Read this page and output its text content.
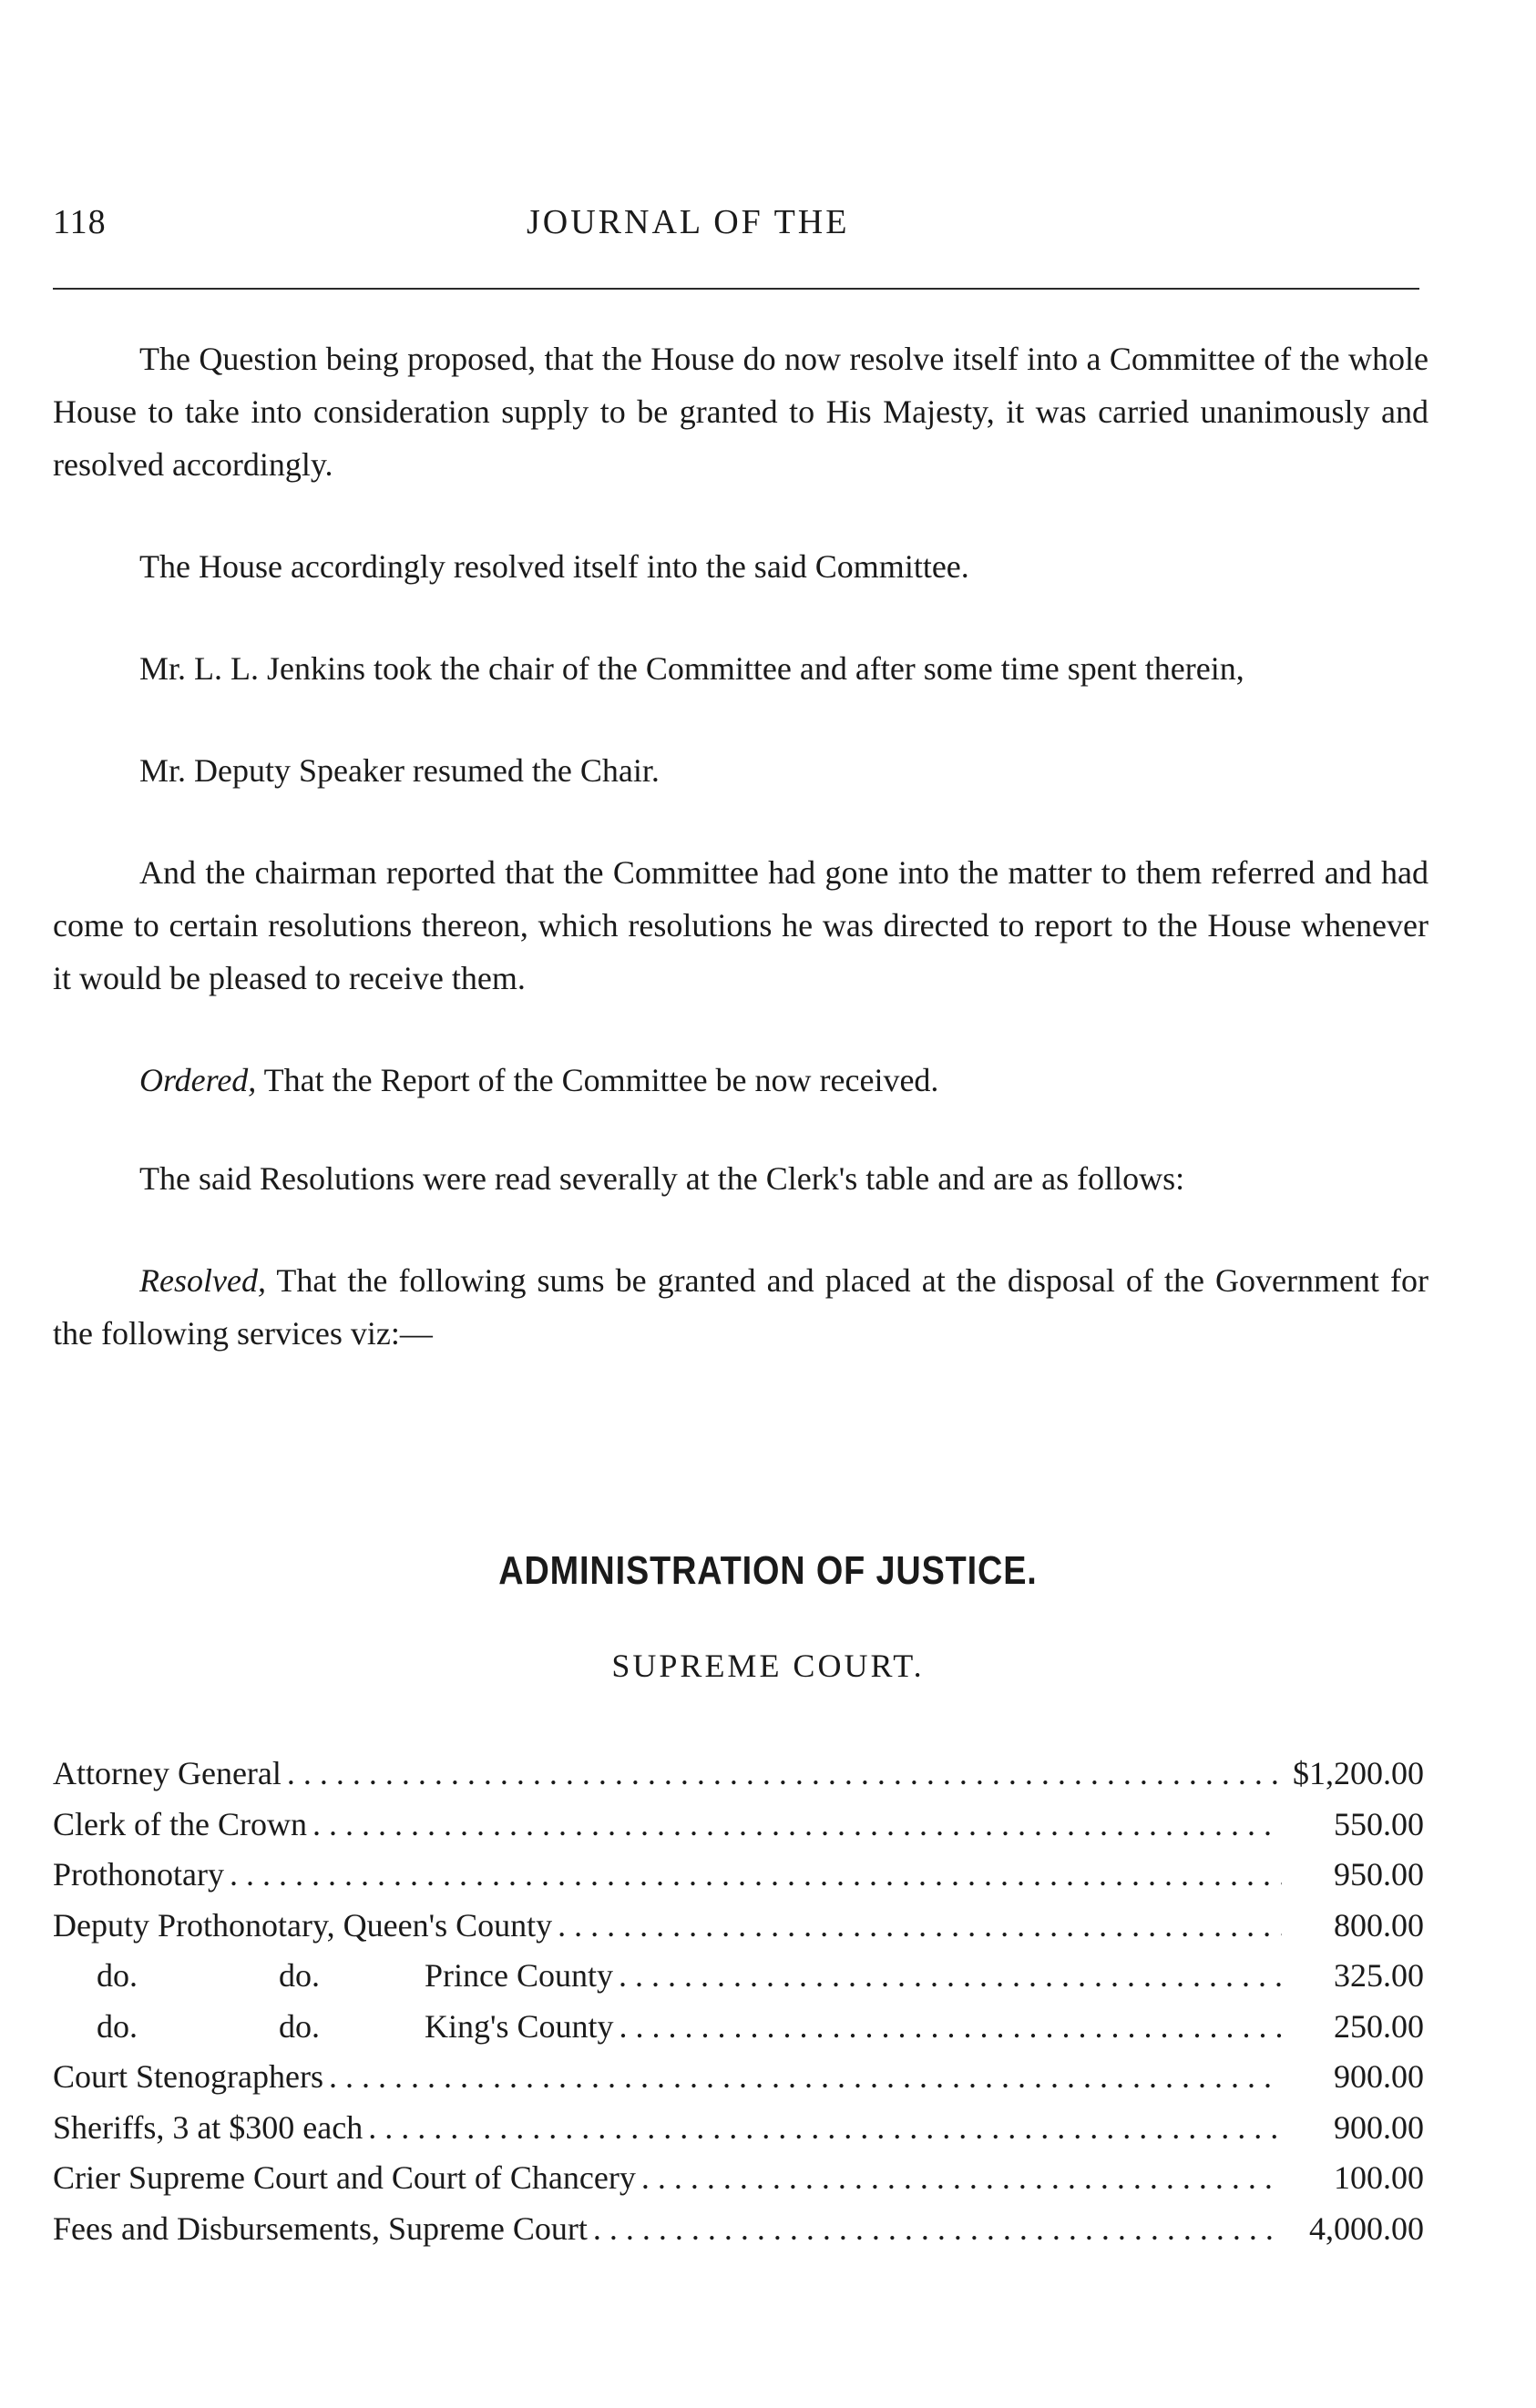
118	JOURNAL OF THE

The Question being proposed, that the House do now resolve itself into a Committee of the whole House to take into consideration supply to be granted to His Majesty, it was carried unanimously and resolved accordingly.

The House accordingly resolved itself into the said Committee.

Mr. L. L. Jenkins took the chair of the Committee and after some time spent therein,

Mr. Deputy Speaker resumed the Chair.

And the chairman reported that the Committee had gone into the matter to them referred and had come to certain resolutions thereon, which resolutions he was directed to report to the House whenever it would be pleased to receive them.

Ordered, That the Report of the Committee be now received.

The said Resolutions were read severally at the Clerk's table and are as follows:

Resolved, That the following sums be granted and placed at the disposal of the Government for the following services viz:—

ADMINISTRATION OF JUSTICE.
SUPREME COURT.
Attorney General . . .	$1,200.00
Clerk of the Crown . . .	550.00
Prothonotary . . .	950.00
Deputy Prothonotary, Queen's County . . .	800.00
do.	do.	Prince County . . .	325.00
do.	do.	King's County . . .	250.00
Court Stenographers . . .	900.00
Sheriffs, 3 at $300 each . . .	900.00
Crier Supreme Court and Court of Chancery . . .	100.00
Fees and Disbursements, Supreme Court . . .	4,000.00
